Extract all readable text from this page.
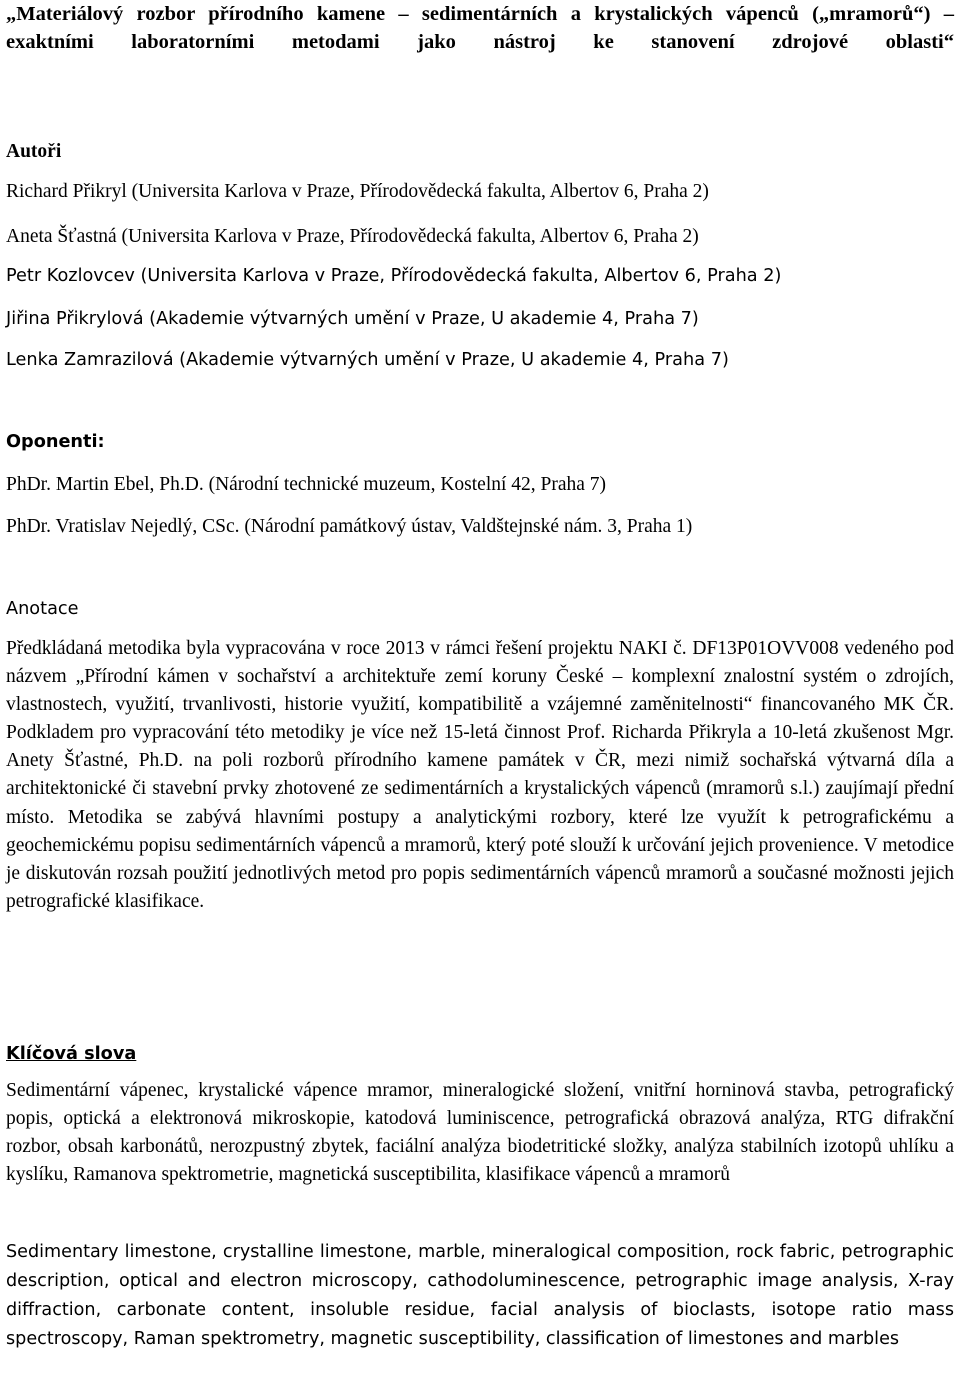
„Materiálový rozbor přírodního kamene – sedimentárních a krystalických vápenců („mramorů“) – exaktními laboratorními metodami jako nástroj ke stanovení zdrojové oblasti“
Autoři
Richard Přikryl (Universita Karlova v Praze, Přírodovědecká fakulta, Albertov 6, Praha 2)
Aneta Šťastná (Universita Karlova v Praze, Přírodovědecká fakulta, Albertov 6, Praha 2)
Petr Kozlovcev (Universita Karlova v Praze, Přírodovědecká fakulta, Albertov 6, Praha 2)
Jiřina Přikrylová (Akademie výtvarných umění v Praze, U akademie 4, Praha 7)
Lenka Zamrazilová (Akademie výtvarných umění v Praze, U akademie 4, Praha 7)
Oponenti:
PhDr. Martin Ebel, Ph.D. (Národní technické muzeum, Kostelní 42, Praha 7)
PhDr. Vratislav Nejedlý, CSc. (Národní památkový ústav, Valdštejnské nám. 3, Praha 1)
Anotace
Předkládaná metodika byla vypracována v roce 2013 v rámci řešení projektu NAKI č. DF13P01OVV008 vedeného pod názvem „Přírodní kámen v sochařství a architektuře zemí koruny České – komplexní znalostní systém o zdrojích, vlastnostech, využití, trvanlivosti, historie využití, kompatibilitě a vzájemné zaměnitelnosti“ financovaného MK ČR. Podkladem pro vypracování této metodiky je více než 15-letá činnost Prof. Richarda Přikryla a 10-letá zkušenost Mgr. Anety Šťastné, Ph.D. na poli rozborů přírodního kamene památek v ČR, mezi nimiž sochařská výtvarná díla a architektonické či stavební prvky zhotovené ze sedimentárních a krystalických vápenců (mramorů s.l.) zaujímají přední místo. Metodika se zabývá hlavními postupy a analytickými rozbory, které lze využít k petrografickému a geochemickému popisu sedimentárních vápenců a mramorů, který poté slouží k určování jejich provenience. V metodice je diskutován rozsah použití jednotlivých metod pro popis sedimentárních vápenců mramorů a současné možnosti jejich petrografické klasifikace.
Klíčová slova
Sedimentární vápenec, krystalické vápence mramor, mineralogické složení, vnitřní horninová stavba, petrografický popis, optická a elektronová mikroskopie, katodová luminiscence, petrografická obrazová analýza, RTG difrakční rozbor, obsah karbonátů, nerozpustný zbytek, faciální analýza biodetritické složky, analýza stabilních izotopů uhlíku a kyslíku, Ramanova spektrometrie, magnetická susceptibilita, klasifikace vápenců a mramorů
Sedimentary limestone, crystalline limestone, marble, mineralogical composition, rock fabric, petrographic description, optical and electron microscopy, cathodoluminescence, petrographic image analysis, X-ray diffraction, carbonate content, insoluble residue, facial analysis of bioclasts, isotope ratio mass spectroscopy, Raman spektrometry, magnetic susceptibility, classification of limestones and marbles
